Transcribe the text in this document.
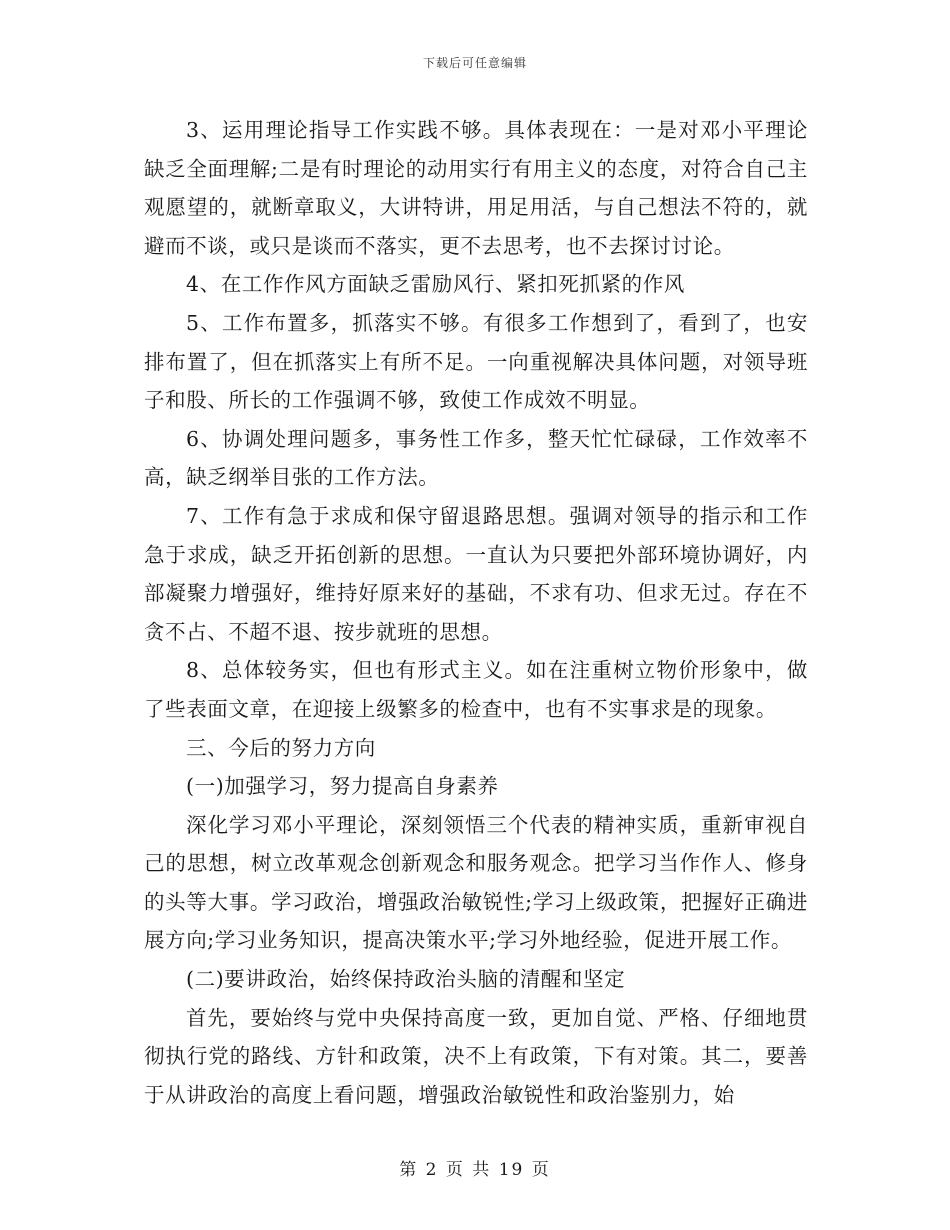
下载后可任意编辑

3、运用理论指导工作实践不够。具体表现在：一是对邓小平理论缺乏全面理解;二是有时理论的动用实行有用主义的态度，对符合自己主观愿望的，就断章取义，大讲特讲，用足用活，与自己想法不符的，就避而不谈，或只是谈而不落实，更不去思考，也不去探讨讨论。

4、在工作作风方面缺乏雷励风行、紧扣死抓紧的作风

5、工作布置多，抓落实不够。有很多工作想到了，看到了，也安排布置了，但在抓落实上有所不足。一向重视解决具体问题，对领导班子和股、所长的工作强调不够，致使工作成效不明显。

6、协调处理问题多，事务性工作多，整天忙忙碌碌，工作效率不高，缺乏纲举目张的工作方法。

7、工作有急于求成和保守留退路思想。强调对领导的指示和工作急于求成，缺乏开拓创新的思想。一直认为只要把外部环境协调好，内部凝聚力增强好，维持好原来好的基础，不求有功、但求无过。存在不贪不占、不超不退、按步就班的思想。

8、总体较务实，但也有形式主义。如在注重树立物价形象中，做了些表面文章，在迎接上级繁多的检查中，也有不实事求是的现象。

三、今后的努力方向

(一)加强学习，努力提高自身素养

深化学习邓小平理论，深刻领悟三个代表的精神实质，重新审视自己的思想，树立改革观念创新观念和服务观念。把学习当作作人、修身的头等大事。学习政治，增强政治敏锐性;学习上级政策，把握好正确进展方向;学习业务知识，提高决策水平;学习外地经验，促进开展工作。

(二)要讲政治，始终保持政治头脑的清醒和坚定

首先，要始终与党中央保持高度一致，更加自觉、严格、仔细地贯彻执行党的路线、方针和政策，决不上有政策，下有对策。其二，要善于从讲政治的高度上看问题，增强政治敏锐性和政治鉴别力，始

第 2 页 共 19 页
